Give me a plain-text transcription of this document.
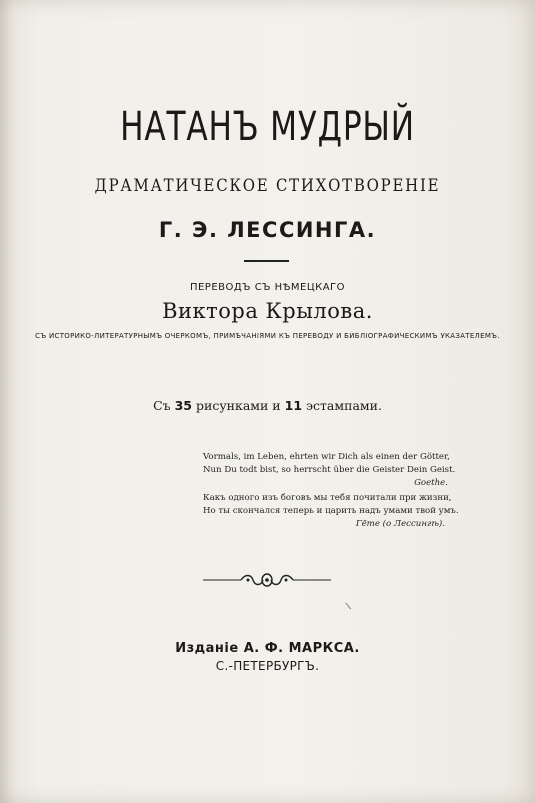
НАТАНЪ МУДРЫЙ
ДРАМАТИЧЕСКОЕ СТИХОТВОРЕНІЕ
Г. Э. ЛЕССИНГА.
ПЕРЕВОДЪ СЪ НѢМЕЦКАГО
Виктора Крылова.
СЪ ИСТОРИКО-ЛИТЕРАТУРНЫМЪ ОЧЕРКОМЪ, ПРИМѢЧАНІЯМИ КЪ ПЕРЕВОДУ И БИБЛІОГРАФИЧЕСКИМЪ УКАЗАТЕЛЕМЪ.
Съ 35 рисунками и 11 эстампами.
Vormals, im Leben, ehrten wir Dich als einen der Götter,
Nun Du todt bist, so herrscht über die Geister Dein Geist.
Goethe.
Какъ одного изъ боговъ мы тебя почитали при жизни,
Но ты скончался теперь и царить надъ умами твой умъ.
Гёте (о Лессингѣ).
Изданіе А. Ф. МАРКСА.
С.-ПЕТЕРБУРГЪ.
